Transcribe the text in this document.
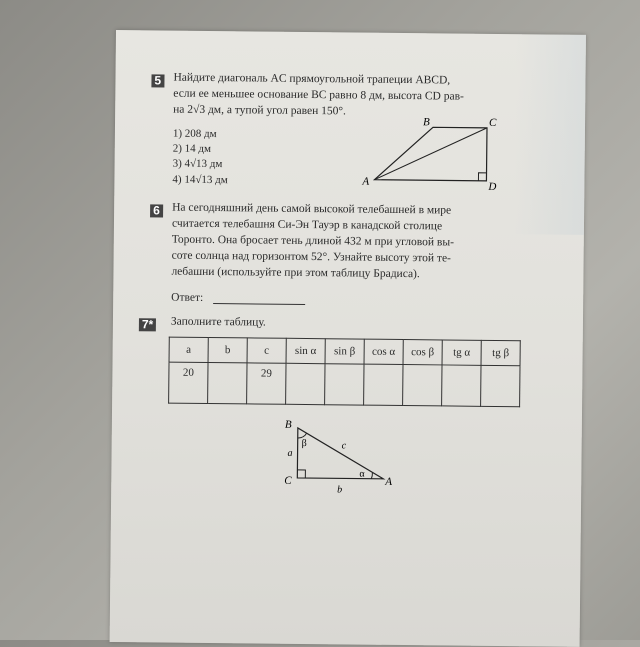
5 Найдите диагональ AC прямоугольной трапеции ABCD,
если ее меньшее основание BC равно 8 дм, высота CD рав-
на 2√3 дм, а тупой угол равен 150°.
1) 208 дм
2) 14 дм
3) 4√13 дм
4) 14√13 дм	A
B	C
D
6 На сегодняшний день самой высокой телебашней в мире
считается телебашня Си-Эн Тауэр в канадской столице
Торонто. Она бросает тень длиной 432 м при угловой вы-
соте солнца над горизонтом 52°. Узнайте высоту этой те-
лебашни (используйте при этом таблицу Брадиса).
Ответ:
7* Заполните таблицу.
a	b	c	sin α	sin β	cos α	cos β	tg α	tg β
20		29						
B
C	A
a
b
c
β
α
